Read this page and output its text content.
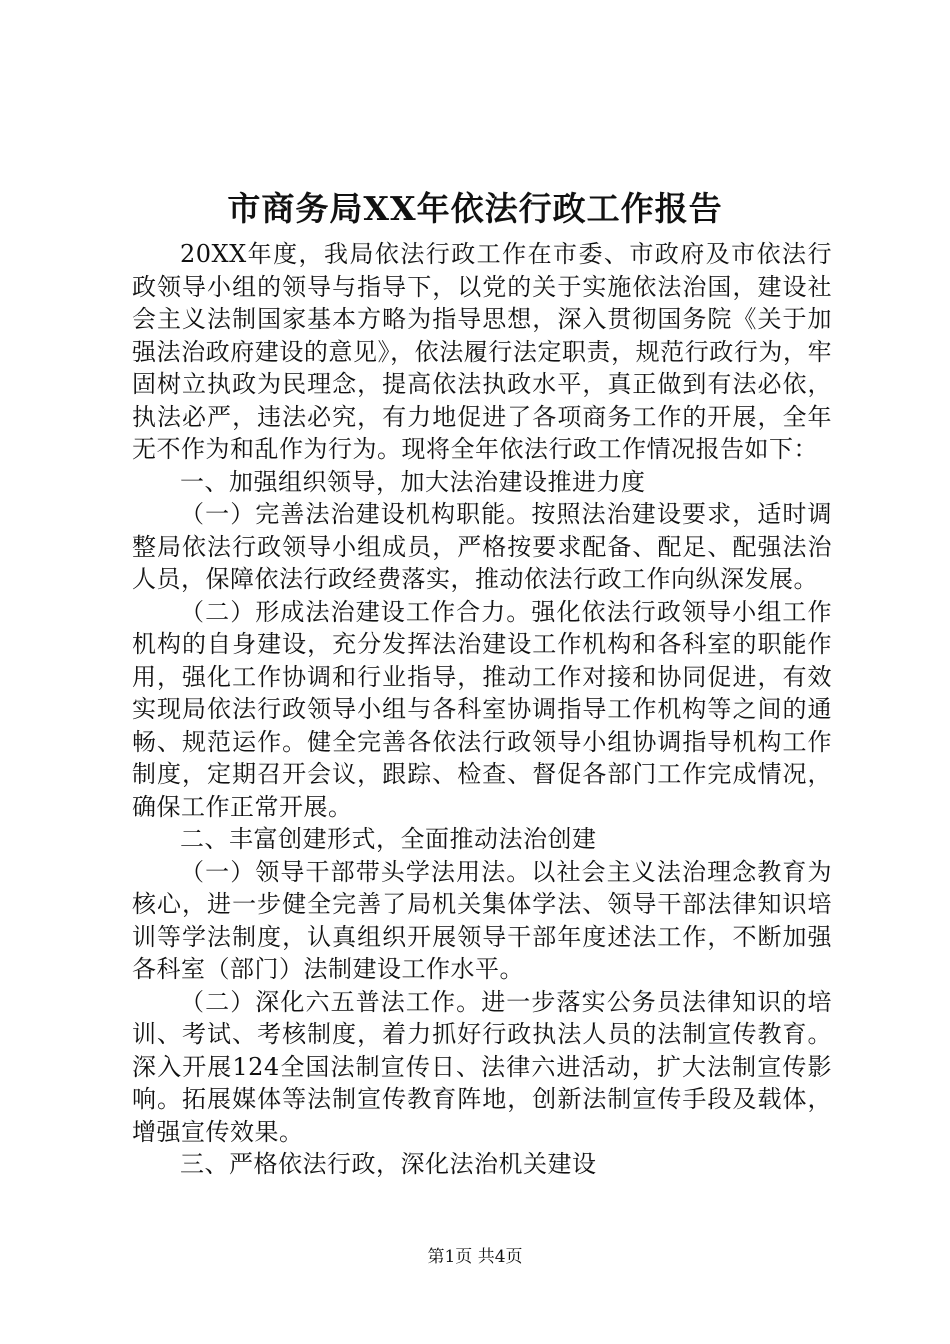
市商务局XX年依法行政工作报告

20XX年度，我局依法行政工作在市委、市政府及市依法行政领导小组的领导与指导下，以党的关于实施依法治国，建设社会主义法制国家基本方略为指导思想，深入贯彻国务院《关于加强法治政府建设的意见》，依法履行法定职责，规范行政行为，牢固树立执政为民理念，提高依法执政水平，真正做到有法必依，执法必严，违法必究，有力地促进了各项商务工作的开展，全年无不作为和乱作为行为。现将全年依法行政工作情况报告如下：

一、加强组织领导，加大法治建设推进力度

（一）完善法治建设机构职能。按照法治建设要求，适时调整局依法行政领导小组成员，严格按要求配备、配足、配强法治人员，保障依法行政经费落实，推动依法行政工作向纵深发展。

（二）形成法治建设工作合力。强化依法行政领导小组工作机构的自身建设，充分发挥法治建设工作机构和各科室的职能作用，强化工作协调和行业指导，推动工作对接和协同促进，有效实现局依法行政领导小组与各科室协调指导工作机构等之间的通畅、规范运作。健全完善各依法行政领导小组协调指导机构工作制度，定期召开会议，跟踪、检查、督促各部门工作完成情况，确保工作正常开展。

二、丰富创建形式，全面推动法治创建

（一）领导干部带头学法用法。以社会主义法治理念教育为核心，进一步健全完善了局机关集体学法、领导干部法律知识培训等学法制度，认真组织开展领导干部年度述法工作，不断加强各科室（部门）法制建设工作水平。

（二）深化六五普法工作。进一步落实公务员法律知识的培训、考试、考核制度，着力抓好行政执法人员的法制宣传教育。深入开展124全国法制宣传日、法律六进活动，扩大法制宣传影响。拓展媒体等法制宣传教育阵地，创新法制宣传手段及载体，增强宣传效果。

三、严格依法行政，深化法治机关建设

第1页 共4页
